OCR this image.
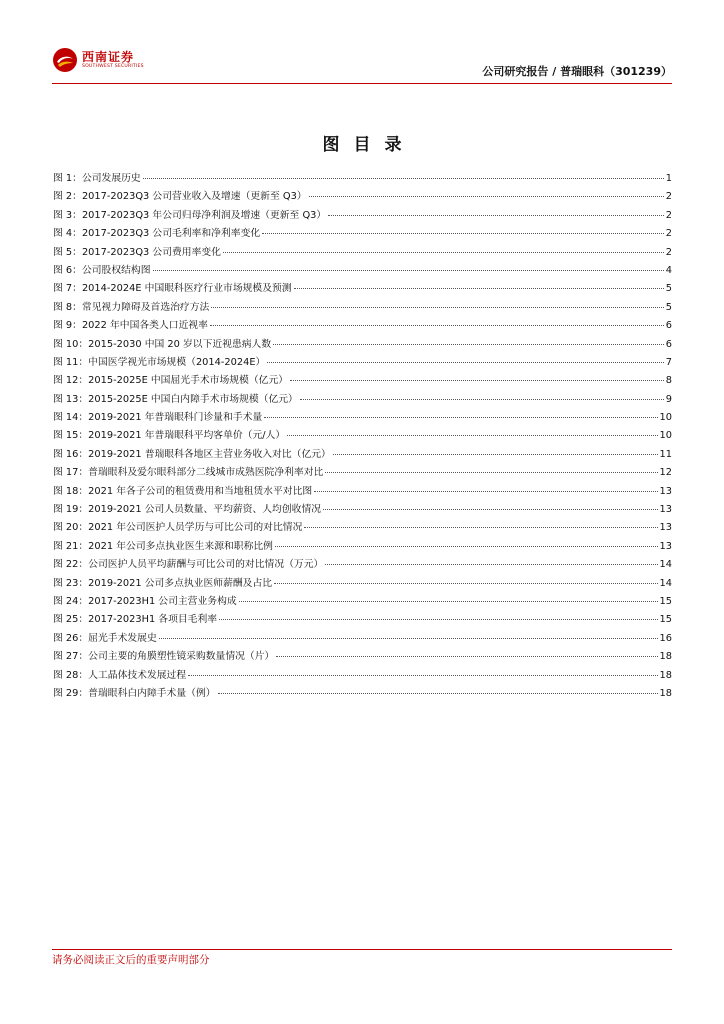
西南证券
SOUTHWEST SECURITIES	公司研究报告 / 普瑞眼科（301239）
图目录
图 1：公司发展历史	1
图 2：2017-2023Q3 公司营业收入及增速（更新至 Q3）	2
图 3：2017-2023Q3 年公司归母净利润及增速（更新至 Q3）	2
图 4：2017-2023Q3 公司毛利率和净利率变化	2
图 5：2017-2023Q3 公司费用率变化	2
图 6：公司股权结构图	4
图 7：2014-2024E 中国眼科医疗行业市场规模及预测	5
图 8：常见视力障碍及首选治疗方法	5
图 9：2022 年中国各类人口近视率	6
图 10：2015-2030 中国 20 岁以下近视患病人数	6
图 11：中国医学视光市场规模（2014-2024E）	7
图 12：2015-2025E 中国屈光手术市场规模（亿元）	8
图 13：2015-2025E 中国白内障手术市场规模（亿元）	9
图 14：2019-2021 年普瑞眼科门诊量和手术量	10
图 15：2019-2021 年普瑞眼科平均客单价（元/人）	10
图 16：2019-2021 普瑞眼科各地区主营业务收入对比（亿元）	11
图 17：普瑞眼科及爱尔眼科部分二线城市成熟医院净利率对比	12
图 18：2021 年各子公司的租赁费用和当地租赁水平对比图	13
图 19：2019-2021 公司人员数量、平均薪资、人均创收情况	13
图 20：2021 年公司医护人员学历与可比公司的对比情况	13
图 21：2021 年公司多点执业医生来源和职称比例	13
图 22：公司医护人员平均薪酬与可比公司的对比情况（万元）	14
图 23：2019-2021 公司多点执业医师薪酬及占比	14
图 24：2017-2023H1 公司主营业务构成	15
图 25：2017-2023H1 各项目毛利率	15
图 26：屈光手术发展史	16
图 27：公司主要的角膜塑性镜采购数量情况（片）	18
图 28：人工晶体技术发展过程	18
图 29：普瑞眼科白内障手术量（例）	18
请务必阅读正文后的重要声明部分
